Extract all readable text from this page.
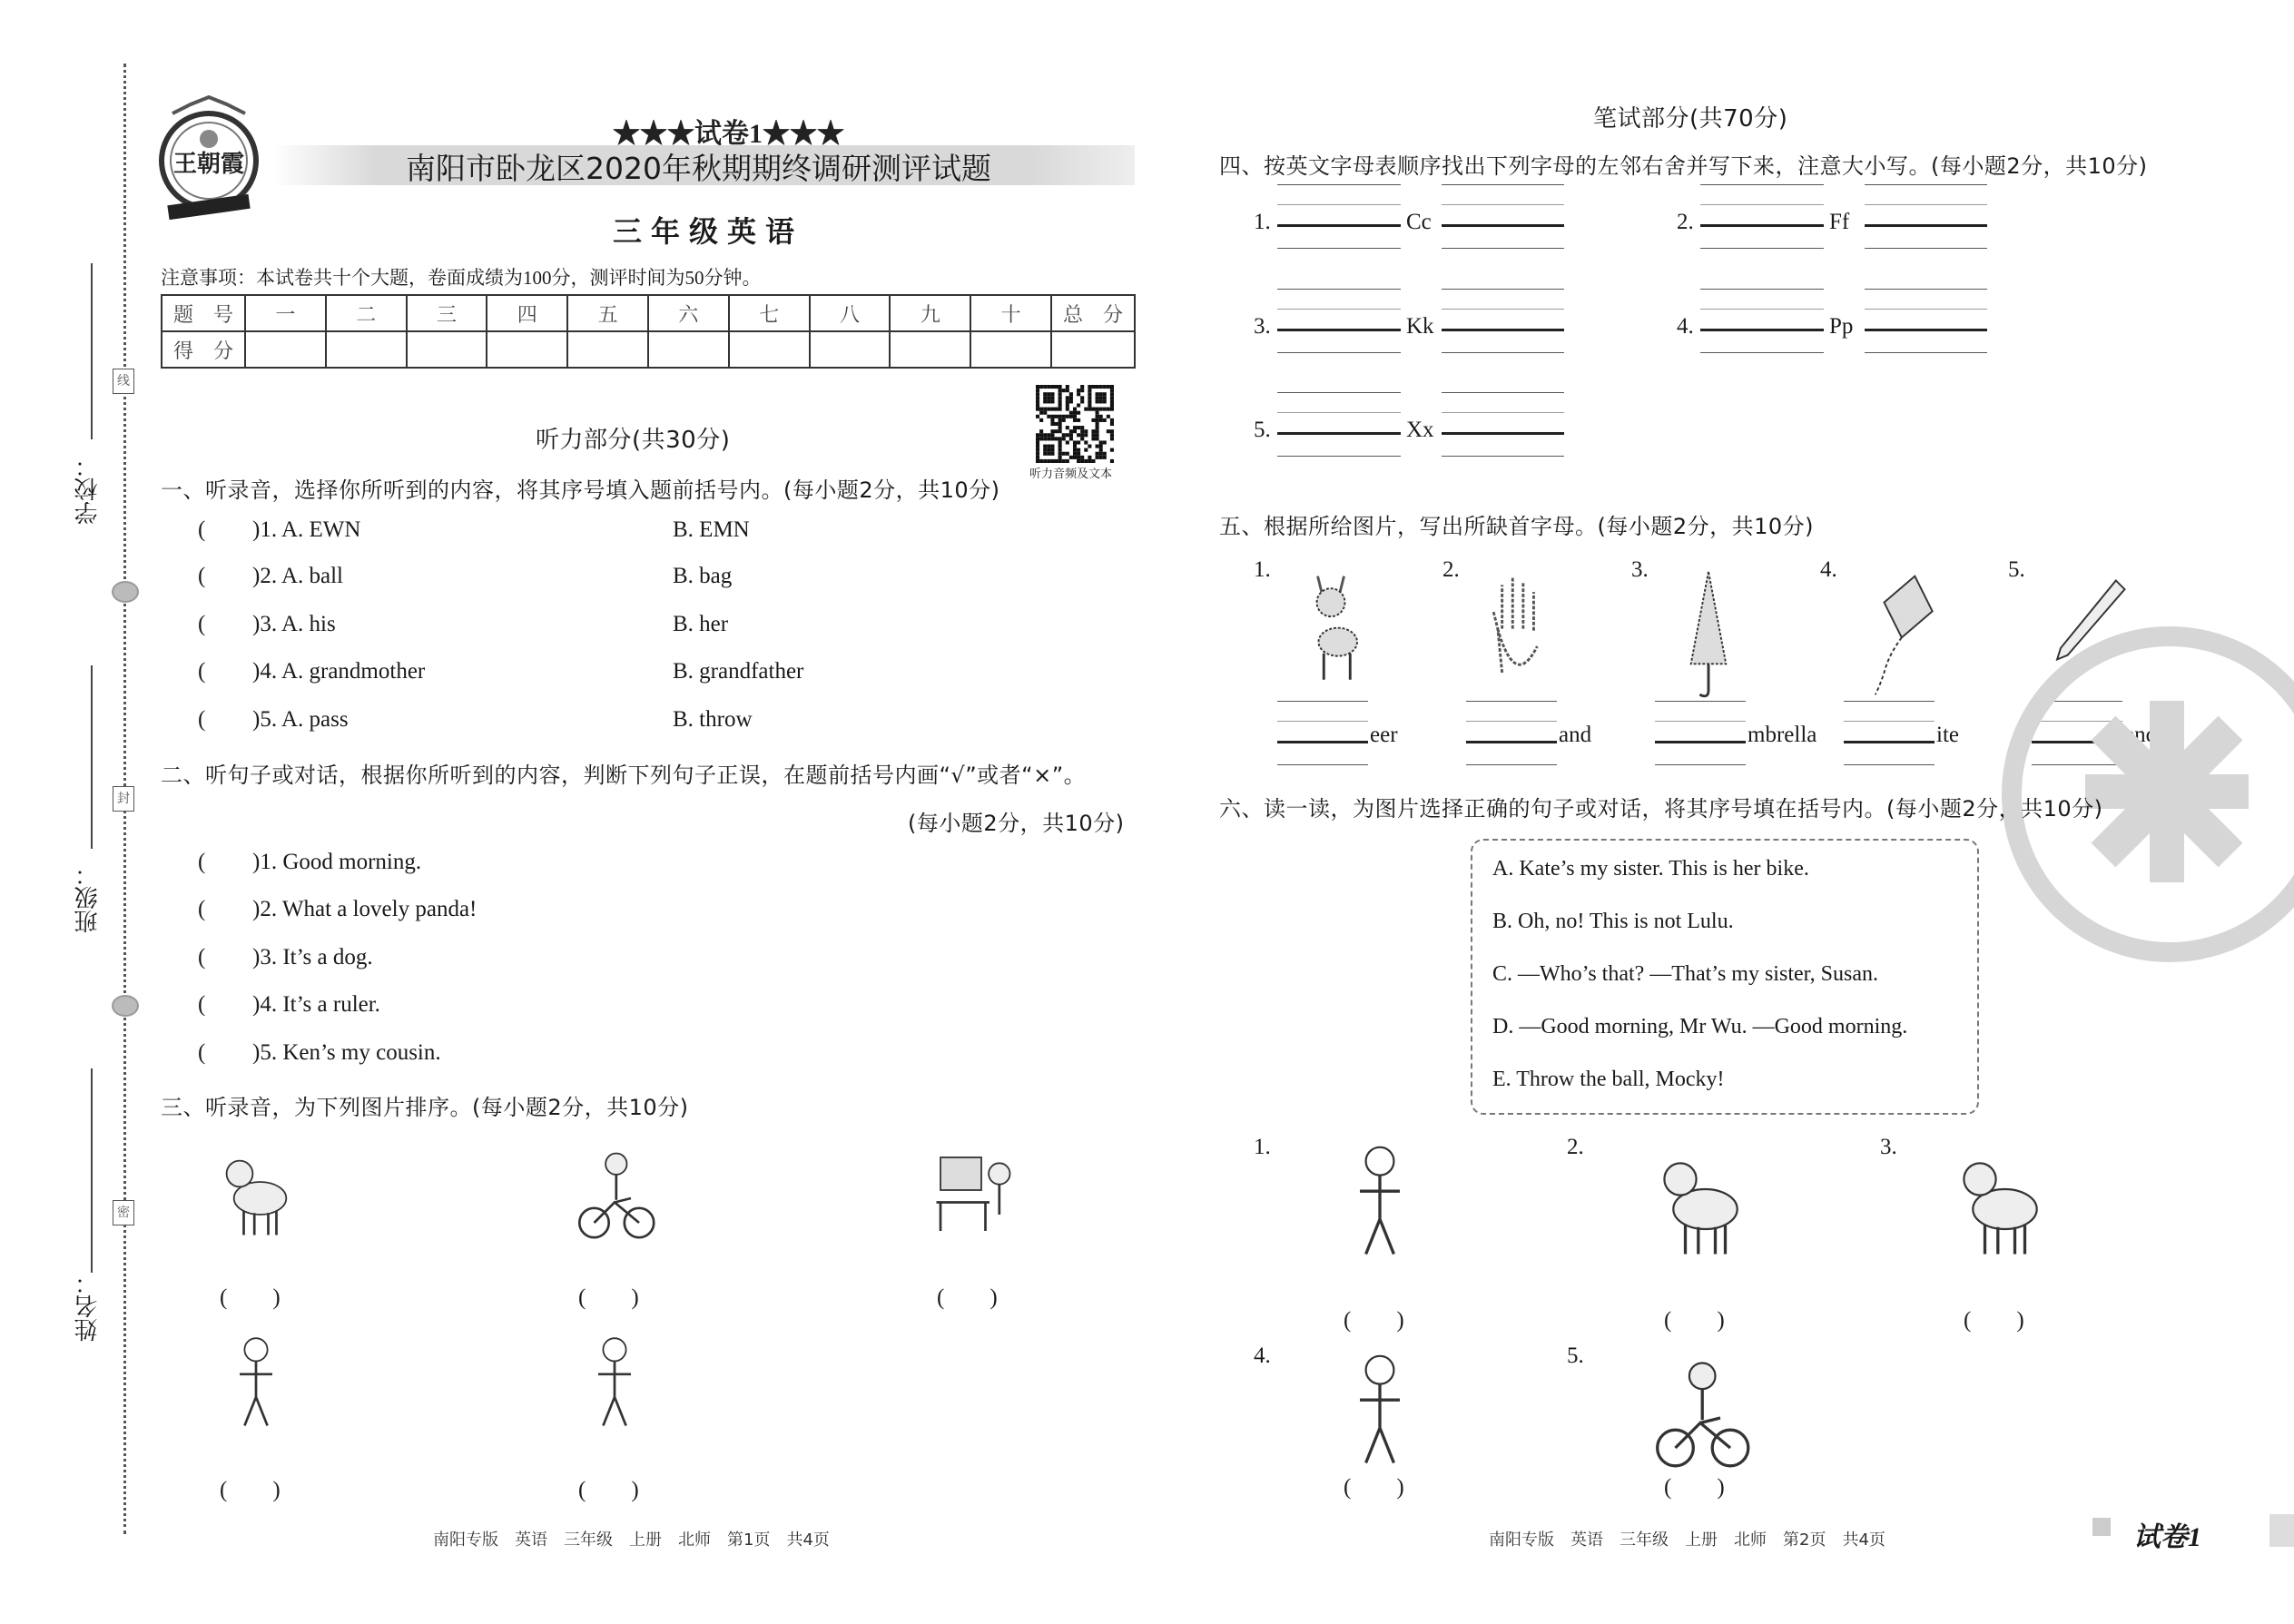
学校：
班级：
姓名：
线
封
密
王朝霞
★★★试卷1★★★
南阳市卧龙区2020年秋期期终调研测评试题
三年级英语
注意事项：本试卷共十个大题，卷面成绩为100分，测评时间为50分钟。
题　号	一	二	三	四	五	六	七	八	九	十	总　分
得　分											
听力音频及文本
听力部分(共30分)
一、听录音，选择你所听到的内容，将其序号填入题前括号内。(每小题2分，共10分)
( )1. A. EWN	B. EMN
( )2. A. ball	B. bag
( )3. A. his	B. her
( )4. A. grandmother	B. grandfather
( )5. A. pass	B. throw
二、听句子或对话，根据你所听到的内容，判断下列句子正误，在题前括号内画“√”或者“×”。
(每小题2分，共10分)
( )1. Good morning.
( )2. What a lovely panda!
( )3. It’s a dog.
( )4. It’s a ruler.
( )5. Ken’s my cousin.
三、听录音，为下列图片排序。(每小题2分，共10分)
(　　)	(　　)	(　　)
(　　)	(　　)
笔试部分(共70分)
四、按英文字母表顺序找出下列字母的左邻右舍并写下来，注意大小写。(每小题2分，共10分)
1.	Cc	2.	Ff
3.	Kk	4.	Pp
5.	Xx
五、根据所给图片，写出所缺首字母。(每小题2分，共10分)
1.
eer
2.
and
3.
mbrella
4.
ite
5.
encil
六、读一读，为图片选择正确的句子或对话，将其序号填在括号内。(每小题2分，共10分)
A. Kate’s my sister. This is her bike.
B. Oh, no! This is not Lulu.
C. —Who’s that? —That’s my sister, Susan.
D. —Good morning, Mr Wu. —Good morning.
E. Throw the ball, Mocky!
1.
(　　)
2.
(　　)
3.
(　　)
4.
(　　)
5.
(　　)
南阳专版　英语　三年级　上册　北师　第1页　共4页	南阳专版　英语　三年级　上册　北师　第2页　共4页	试卷1
